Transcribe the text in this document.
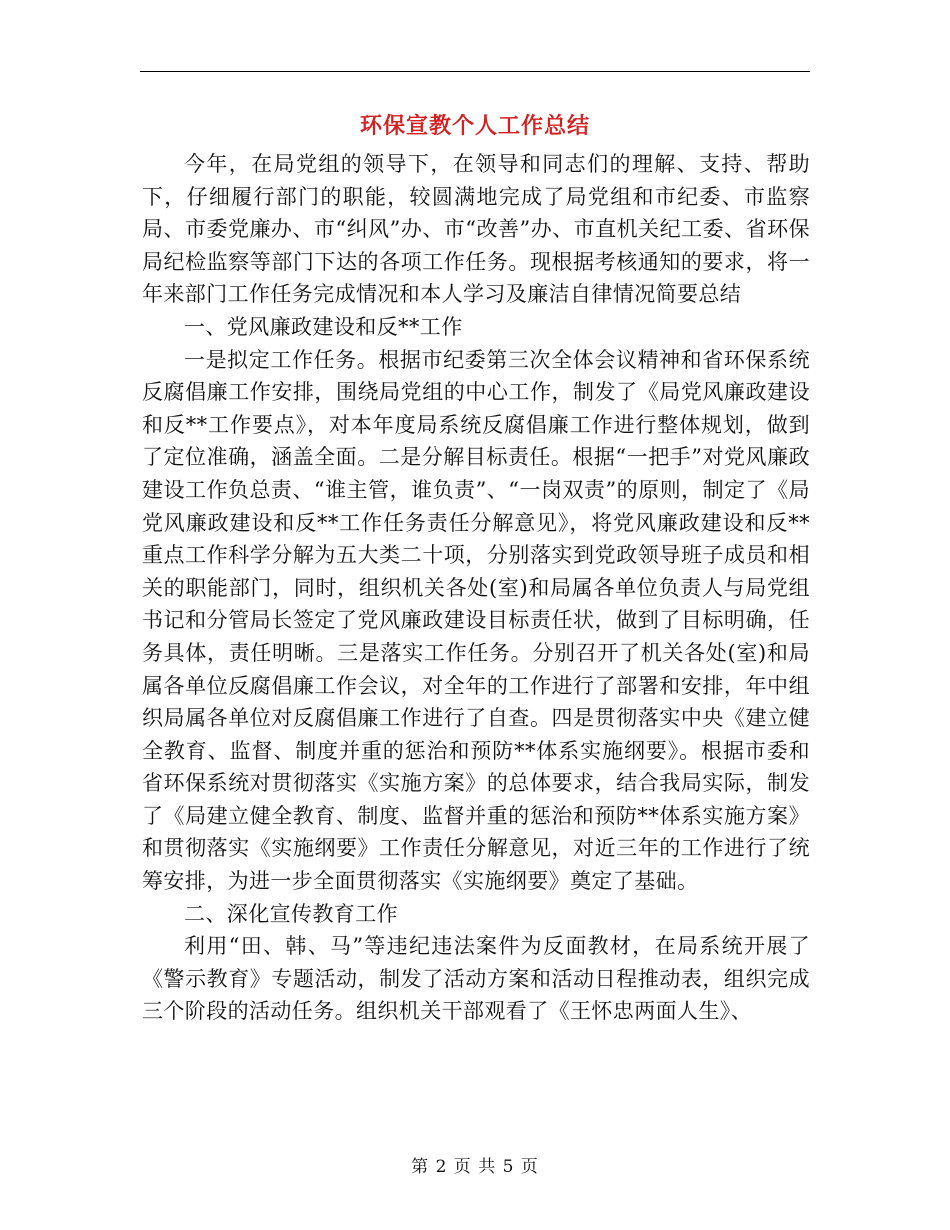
环保宣教个人工作总结

今年，在局党组的领导下，在领导和同志们的理解、支持、帮助下，仔细履行部门的职能，较圆满地完成了局党组和市纪委、市监察局、市委党廉办、市“纠风”办、市“改善”办、市直机关纪工委、省环保局纪检监察等部门下达的各项工作任务。现根据考核通知的要求，将一年来部门工作任务完成情况和本人学习及廉洁自律情况简要总结

一、党风廉政建设和反**工作

一是拟定工作任务。根据市纪委第三次全体会议精神和省环保系统反腐倡廉工作安排，围绕局党组的中心工作，制发了《局党风廉政建设和反**工作要点》，对本年度局系统反腐倡廉工作进行整体规划，做到了定位准确，涵盖全面。二是分解目标责任。根据“一把手”对党风廉政建设工作负总责、“谁主管，谁负责”、“一岗双责”的原则，制定了《局党风廉政建设和反**工作任务责任分解意见》，将党风廉政建设和反**重点工作科学分解为五大类二十项，分别落实到党政领导班子成员和相关的职能部门，同时，组织机关各处(室)和局属各单位负责人与局党组书记和分管局长签定了党风廉政建设目标责任状，做到了目标明确，任务具体，责任明晰。三是落实工作任务。分别召开了机关各处(室)和局属各单位反腐倡廉工作会议，对全年的工作进行了部署和安排，年中组织局属各单位对反腐倡廉工作进行了自查。四是贯彻落实中央《建立健全教育、监督、制度并重的惩治和预防**体系实施纲要》。根据市委和省环保系统对贯彻落实《实施方案》的总体要求，结合我局实际，制发了《局建立健全教育、制度、监督并重的惩治和预防**体系实施方案》和贯彻落实《实施纲要》工作责任分解意见，对近三年的工作进行了统筹安排，为进一步全面贯彻落实《实施纲要》奠定了基础。

二、深化宣传教育工作

利用“田、韩、马”等违纪违法案件为反面教材，在局系统开展了《警示教育》专题活动，制发了活动方案和活动日程推动表，组织完成三个阶段的活动任务。组织机关干部观看了《王怀忠两面人生》、

第 2 页 共 5 页
